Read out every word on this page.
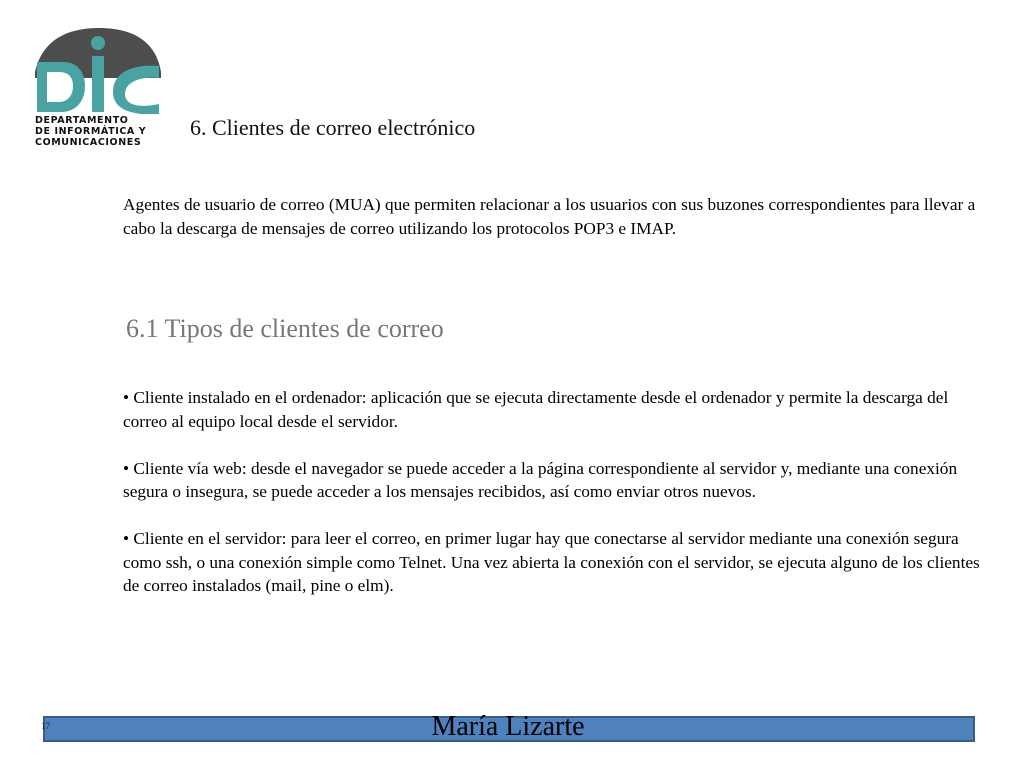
DEPARTAMENTO
DE INFORMÁTICA Y
COMUNICACIONES
6. Clientes de correo electrónico
Agentes de usuario de correo (MUA) que permiten relacionar a los usuarios con sus buzones correspondientes para llevar a cabo la descarga de mensajes de correo utilizando los protocolos POP3 e IMAP.
6.1 Tipos de clientes de correo
• Cliente instalado en el ordenador: aplicación que se ejecuta directamente desde el ordenador y permite la descarga del correo al equipo local desde el servidor.
• Cliente vía web: desde el navegador se puede acceder a la página correspondiente al servidor y, mediante una conexión segura o insegura, se puede acceder a los mensajes recibidos, así como enviar otros nuevos.
• Cliente en el servidor: para leer el correo, en primer lugar hay que conectarse al servidor mediante una conexión segura como ssh, o una conexión simple como Telnet. Una vez abierta la conexión con el servidor, se ejecuta alguno de los clientes de correo instalados (mail, pine o elm).
17	María Lizarte
